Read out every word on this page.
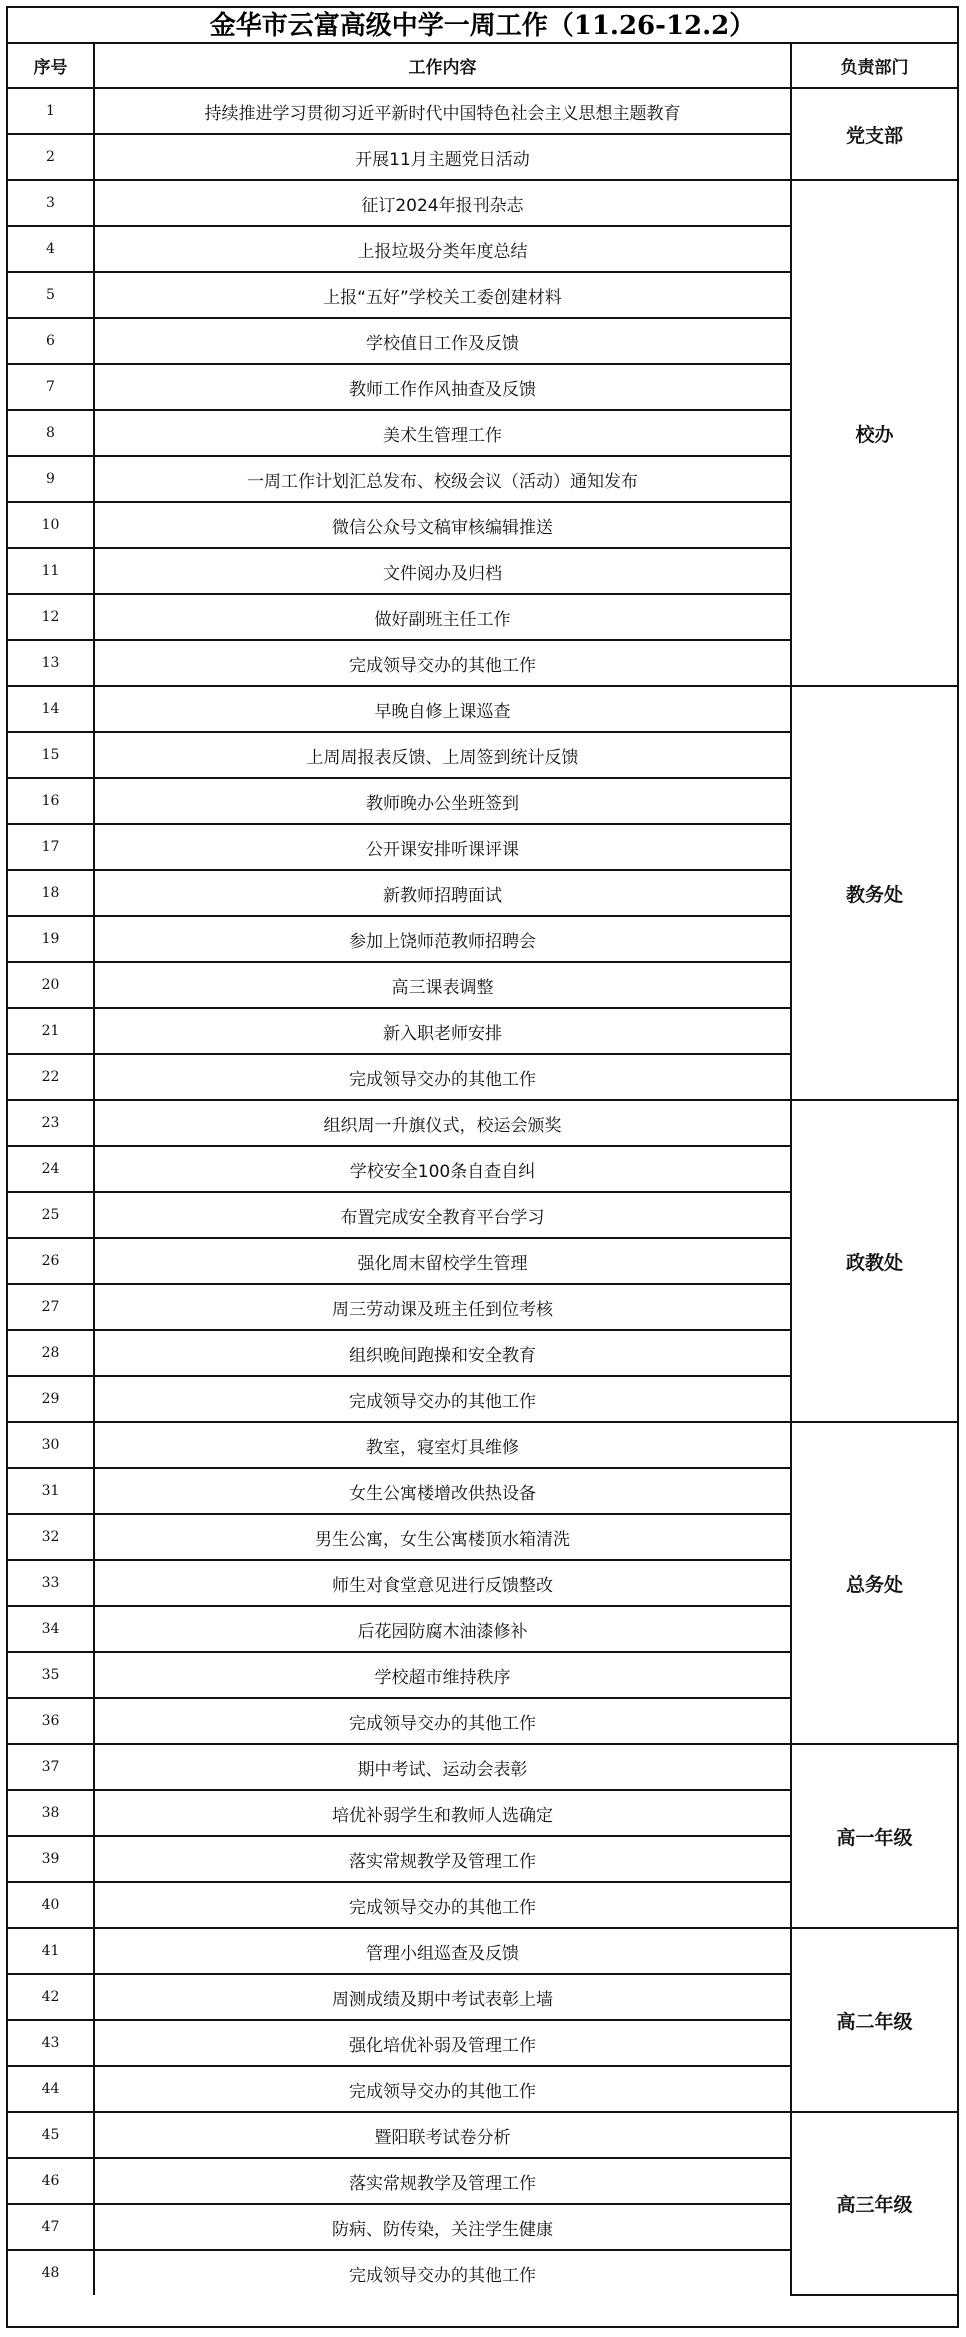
金华市云富高级中学一周工作（11.26-12.2）
序号	工作内容	负责部门
1	持续推进学习贯彻习近平新时代中国特色社会主义思想主题教育	党支部
2	开展11月主题党日活动	
3	征订2024年报刊杂志	校办
4	上报垃圾分类年度总结	
5	上报“五好”学校关工委创建材料	
6	学校值日工作及反馈	
7	教师工作作风抽查及反馈	
8	美术生管理工作	
9	一周工作计划汇总发布、校级会议（活动）通知发布	
10	微信公众号文稿审核编辑推送	
11	文件阅办及归档	
12	做好副班主任工作	
13	完成领导交办的其他工作	
14	早晚自修上课巡查	教务处
15	上周周报表反馈、上周签到统计反馈	
16	教师晚办公坐班签到	
17	公开课安排听课评课	
18	新教师招聘面试	
19	参加上饶师范教师招聘会	
20	高三课表调整	
21	新入职老师安排	
22	完成领导交办的其他工作	
23	组织周一升旗仪式，校运会颁奖	政教处
24	学校安全100条自查自纠	
25	布置完成安全教育平台学习	
26	强化周末留校学生管理	
27	周三劳动课及班主任到位考核	
28	组织晚间跑操和安全教育	
29	完成领导交办的其他工作	
30	教室，寝室灯具维修	总务处
31	女生公寓楼增改供热设备	
32	男生公寓，女生公寓楼顶水箱清洗	
33	师生对食堂意见进行反馈整改	
34	后花园防腐木油漆修补	
35	学校超市维持秩序	
36	完成领导交办的其他工作	
37	期中考试、运动会表彰	高一年级
38	培优补弱学生和教师人选确定	
39	落实常规教学及管理工作	
40	完成领导交办的其他工作	
41	管理小组巡查及反馈	高二年级
42	周测成绩及期中考试表彰上墙	
43	强化培优补弱及管理工作	
44	完成领导交办的其他工作	
45	暨阳联考试卷分析	高三年级
46	落实常规教学及管理工作	
47	防病、防传染，关注学生健康	
48	完成领导交办的其他工作	
